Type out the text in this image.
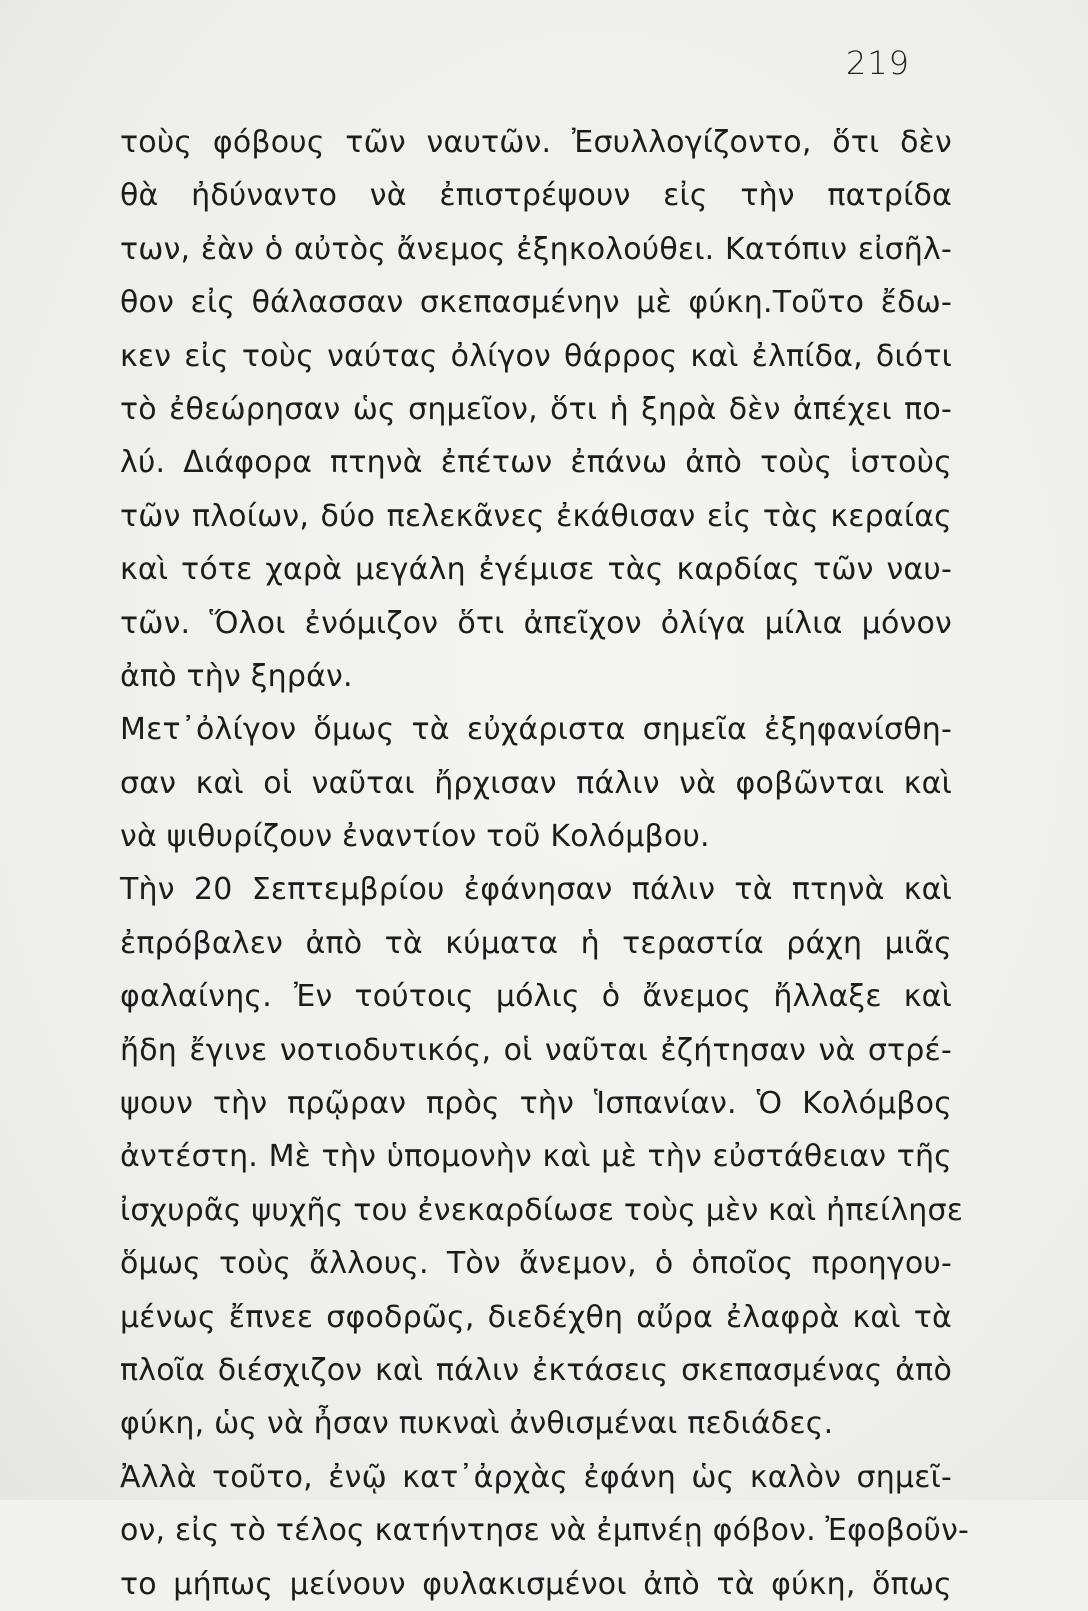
219
τοὺς φόβους τῶν ναυτῶν. Ἐσυλλογίζοντο, ὅτι δὲν
θὰ ἠδύναντο νὰ ἐπιστρέψουν εἰς τὴν πατρίδα
των, ἐὰν ὁ αὐτὸς ἄνεμος ἐξηκολούθει. Κατόπιν εἰσῆλ-
θον εἰς θάλασσαν σκεπασμένην μὲ φύκη.Τοῦτο ἔδω-
κεν εἰς τοὺς ναύτας ὀλίγον θάρρος καὶ ἐλπίδα, διότι
τὸ ἐθεώρησαν ὡς σημεῖον, ὅτι ἡ ξηρὰ δὲν ἀπέχει πο-
λύ. Διάφορα πτηνὰ ἐπέτων ἐπάνω ἀπὸ τοὺς ἱστοὺς
τῶν πλοίων, δύο πελεκᾶνες ἐκάθισαν εἰς τὰς κεραίας
καὶ τότε χαρὰ μεγάλη ἐγέμισε τὰς καρδίας τῶν ναυ-
τῶν. Ὅλοι ἐνόμιζον ὅτι ἀπεῖχον ὀλίγα μίλια μόνον
ἀπὸ τὴν ξηράν.
Μετ᾽ὀλίγον ὅμως τὰ εὐχάριστα σημεῖα ἐξηφανίσθη-
σαν καὶ οἱ ναῦται ἤρχισαν πάλιν νὰ φοβῶνται καὶ
νὰ ψιθυρίζουν ἐναντίον τοῦ Κολόμβου.
Τὴν 20 Σεπτεμβρίου ἐφάνησαν πάλιν τὰ πτηνὰ καὶ
ἐπρόβαλεν ἀπὸ τὰ κύματα ἡ τεραστία ράχη μιᾶς
φαλαίνης. Ἐν τούτοις μόλις ὁ ἄνεμος ἤλλαξε καὶ
ἤδη ἔγινε νοτιοδυτικός, οἱ ναῦται ἐζήτησαν νὰ στρέ-
ψουν τὴν πρῷραν πρὸς τὴν Ἱσπανίαν. Ὁ Κολόμβος
ἀντέστη. Μὲ τὴν ὑπομονὴν καὶ μὲ τὴν εὐστάθειαν τῆς
ἰσχυρᾶς ψυχῆς του ἐνεκαρδίωσε τοὺς μὲν καὶ ἠπείλησε
ὅμως τοὺς ἄλλους. Τὸν ἄνεμον, ὁ ὁποῖος προηγου-
μένως ἔπνεε σφοδρῶς, διεδέχθη αὔρα ἐλαφρὰ καὶ τὰ
πλοῖα διέσχιζον καὶ πάλιν ἐκτάσεις σκεπασμένας ἀπὸ
φύκη, ὡς νὰ ἦσαν πυκναὶ ἀνθισμέναι πεδιάδες.
Ἀλλὰ τοῦτο, ἐνῷ κατ᾽ἀρχὰς ἐφάνη ὡς καλὸν σημεῖ-
ον, εἰς τὸ τέλος κατήντησε νὰ ἐμπνέῃ φόβον. Ἐφοβοῦν-
το μήπως μείνουν φυλακισμένοι ἀπὸ τὰ φύκη, ὅπως
